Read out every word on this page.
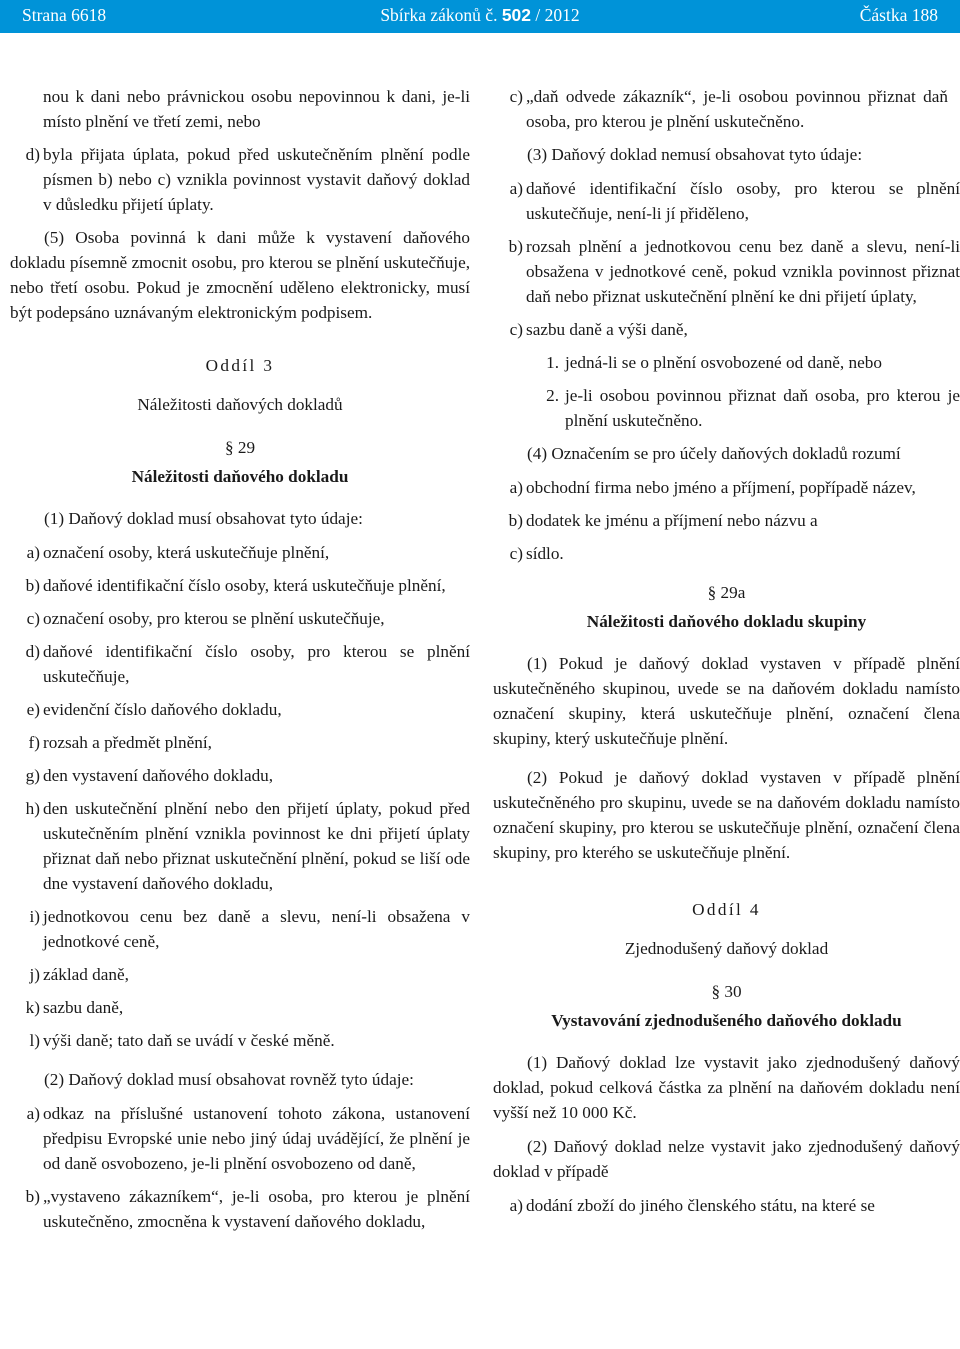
Strana 6618	Sbírka zákonů č. 502 / 2012	Částka 188
nou k dani nebo právnickou osobu nepovinnou k dani, je-li místo plnění ve třetí zemi, nebo
d) byla přijata úplata, pokud před uskutečněním plnění podle písmen b) nebo c) vznikla povinnost vystavit daňový doklad v důsledku přijetí úplaty.

(5) Osoba povinná k dani může k vystavení daňového dokladu písemně zmocnit osobu, pro kterou se plnění uskutečňuje, nebo třetí osobu. Pokud je zmocnění uděleno elektronicky, musí být podepsáno uznávaným elektronickým podpisem.

Oddíl 3
Náležitosti daňových dokladů
§ 29
Náležitosti daňového dokladu

(1) Daňový doklad musí obsahovat tyto údaje:

a) označení osoby, která uskutečňuje plnění,
b) daňové identifikační číslo osoby, která uskutečňuje plnění,
c) označení osoby, pro kterou se plnění uskutečňuje,
d) daňové identifikační číslo osoby, pro kterou se plnění uskutečňuje,
e) evidenční číslo daňového dokladu,
f) rozsah a předmět plnění,
g) den vystavení daňového dokladu,
h) den uskutečnění plnění nebo den přijetí úplaty, pokud před uskutečněním plnění vznikla povinnost ke dni přijetí úplaty přiznat daň nebo přiznat uskutečnění plnění, pokud se liší ode dne vystavení daňového dokladu,
i) jednotkovou cenu bez daně a slevu, není-li obsažena v jednotkové ceně,
j) základ daně,
k) sazbu daně,
l) výši daně; tato daň se uvádí v české měně.

(2) Daňový doklad musí obsahovat rovněž tyto údaje:

a) odkaz na příslušné ustanovení tohoto zákona, ustanovení předpisu Evropské unie nebo jiný údaj uvádějící, že plnění je od daně osvobozeno, je-li plnění osvobozeno od daně,
b) „vystaveno zákazníkem“, je-li osoba, pro kterou je plnění uskutečněno, zmocněna k vystavení daňového dokladu,
c) „daň odvede zákazník“, je-li osobou povinnou přiznat daň osoba, pro kterou je plnění uskutečněno.

(3) Daňový doklad nemusí obsahovat tyto údaje:

a) daňové identifikační číslo osoby, pro kterou se plnění uskutečňuje, není-li jí přiděleno,
b) rozsah plnění a jednotkovou cenu bez daně a slevu, není-li obsažena v jednotkové ceně, pokud vznikla povinnost přiznat daň nebo přiznat uskutečnění plnění ke dni přijetí úplaty,
c) sazbu daně a výši daně,
1. jedná-li se o plnění osvobozené od daně, nebo
2. je-li osobou povinnou přiznat daň osoba, pro kterou je plnění uskutečněno.

(4) Označením se pro účely daňových dokladů rozumí

a) obchodní firma nebo jméno a příjmení, popřípadě název,
b) dodatek ke jménu a příjmení nebo názvu a
c) sídlo.
§ 29a
Náležitosti daňového dokladu skupiny

(1) Pokud je daňový doklad vystaven v případě plnění uskutečněného skupinou, uvede se na daňovém dokladu namísto označení skupiny, která uskutečňuje plnění, označení člena skupiny, který uskutečňuje plnění.

(2) Pokud je daňový doklad vystaven v případě plnění uskutečněného pro skupinu, uvede se na daňovém dokladu namísto označení skupiny, pro kterou se uskutečňuje plnění, označení člena skupiny, pro kterého se uskutečňuje plnění.

Oddíl 4
Zjednodušený daňový doklad
§ 30
Vystavování zjednodušeného daňového dokladu

(1) Daňový doklad lze vystavit jako zjednodušený daňový doklad, pokud celková částka za plnění na daňovém dokladu není vyšší než 10 000 Kč.

(2) Daňový doklad nelze vystavit jako zjednodušený daňový doklad v případě

a) dodání zboží do jiného členského státu, na které se
